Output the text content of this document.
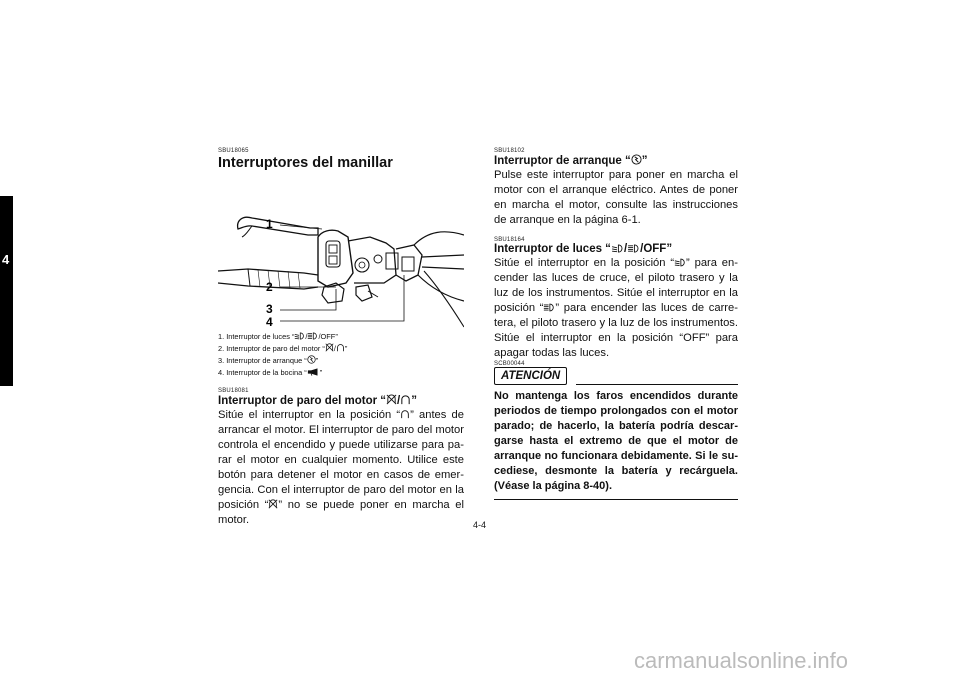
4
SBU18065
Interruptores del manillar
1
2
3
4
1. Interruptor de luces “ / /OFF”
2. Interruptor de paro del motor “ / ”
3. Interruptor de arranque “ ”
4. Interruptor de la bocina “ ”
SBU18081
Interruptor de paro del motor “ / ”

Sitúe el interruptor en la posición “ ” antes de arrancar el motor. El interruptor de paro del motor controla el encendido y puede utilizarse para parar el motor en cualquier momento. Utilice este botón para detener el motor en casos de emergencia. Con el interruptor de paro del motor en la posición “ ” no se puede poner en marcha el motor.

SBU18102
Interruptor de arranque “ ”

Pulse este interruptor para poner en marcha el motor con el arranque eléctrico. Antes de poner en marcha el motor, consulte las instrucciones de arranque en la página 6-1.

SBU18164
Interruptor de luces “ / /OFF”

Sitúe el interruptor en la posición “ ” para encender las luces de cruce, el piloto trasero y la luz de los instrumentos. Sitúe el interruptor en la posición “ ” para encender las luces de carretera, el piloto trasero y la luz de los instrumentos. Sitúe el interruptor en la posición “OFF” para apagar todas las luces.

SCB00044
ATENCIÓN
No mantenga los faros encendidos durante periodos de tiempo prolongados con el motor parado; de hacerlo, la batería podría descargarse hasta el extremo de que el motor de arranque no funcionara debidamente. Si le sucediese, desmonte la batería y recárguela. (Véase la página 8-40).
4-4
carmanualsonline.info
